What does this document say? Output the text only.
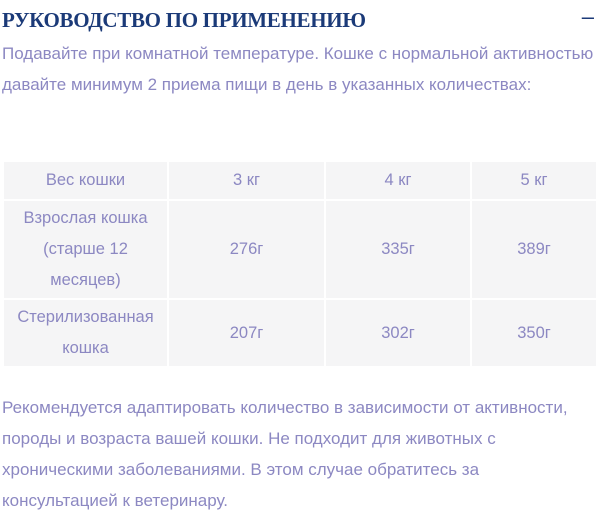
РУКОВОДСТВО ПО ПРИМЕНЕНИЮ	–

Подавайте при комнатной температуре. Кошке с нормальной активностью давайте минимум 2 приема пищи в день в указанных количествах:

Вес кошки	3 кг	4 кг	5 кг
Взрослая кошка (старше 12 месяцев)	276г	335г	389г
Стерилизованная кошка	207г	302г	350г

Рекомендуется адаптировать количество в зависимости от активности, породы и возраста вашей кошки. Не подходит для животных с хроническими заболеваниями. В этом случае обратитесь за консультацией к ветеринару.
